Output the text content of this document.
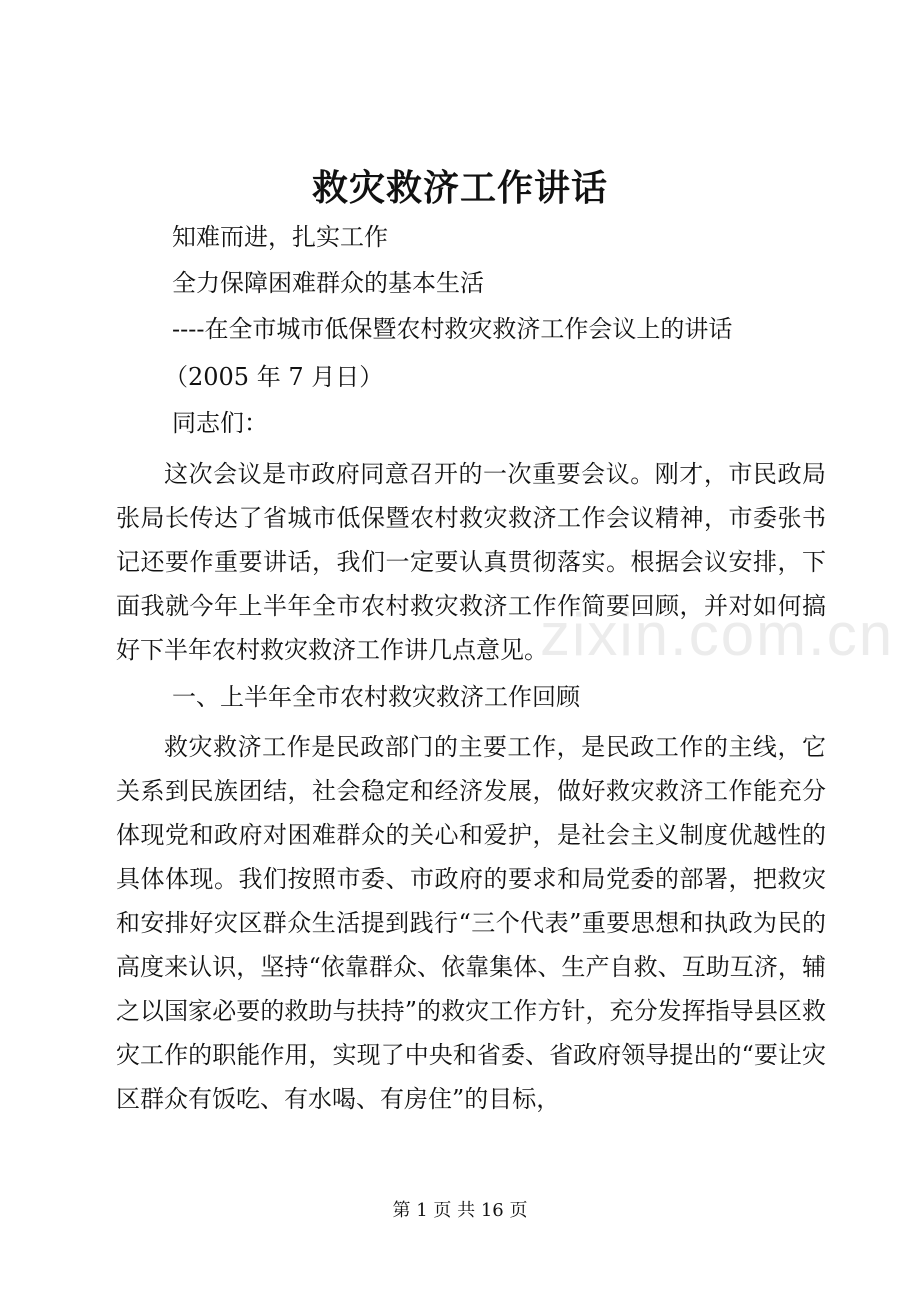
救灾救济工作讲话
知难而进，扎实工作
全力保障困难群众的基本生活
----在全市城市低保暨农村救灾救济工作会议上的讲话
（2005 年 7 月日）
同志们：
这次会议是市政府同意召开的一次重要会议。刚才，市民政局张局长传达了省城市低保暨农村救灾救济工作会议精神，市委张书记还要作重要讲话，我们一定要认真贯彻落实。根据会议安排，下面我就今年上半年全市农村救灾救济工作作简要回顾，并对如何搞好下半年农村救灾救济工作讲几点意见。
一、上半年全市农村救灾救济工作回顾
救灾救济工作是民政部门的主要工作，是民政工作的主线，它关系到民族团结，社会稳定和经济发展，做好救灾救济工作能充分体现党和政府对困难群众的关心和爱护，是社会主义制度优越性的具体体现。我们按照市委、市政府的要求和局党委的部署，把救灾和安排好灾区群众生活提到践行“三个代表”重要思想和执政为民的高度来认识，坚持“依靠群众、依靠集体、生产自救、互助互济，辅之以国家必要的救助与扶持”的救灾工作方针，充分发挥指导县区救灾工作的职能作用，实现了中央和省委、省政府领导提出的“要让灾区群众有饭吃、有水喝、有房住”的目标，
zixin.com.cn
第 1 页 共 16 页
